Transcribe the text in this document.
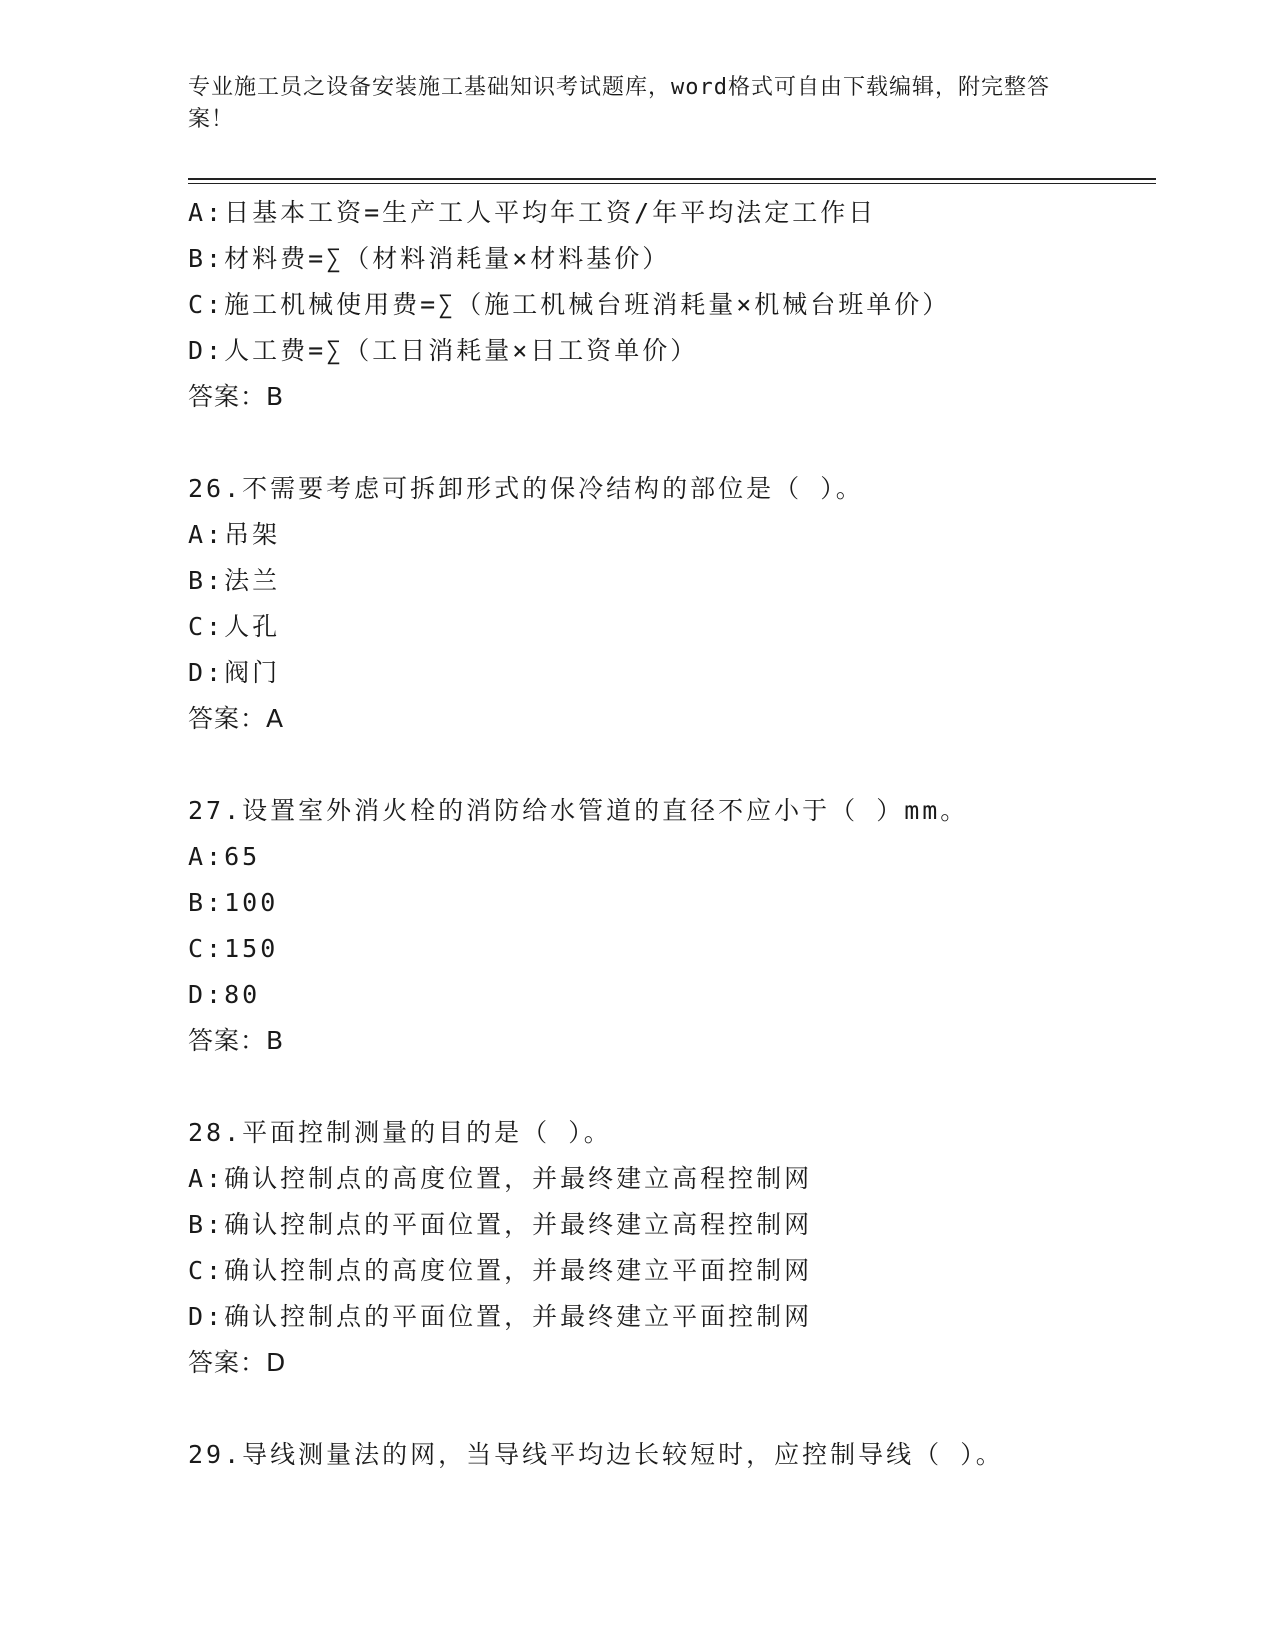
专业施工员之设备安装施工基础知识考试题库，word格式可自由下载编辑，附完整答案！
A:日基本工资=生产工人平均年工资/年平均法定工作日
B:材料费=∑（材料消耗量×材料基价）
C:施工机械使用费=∑（施工机械台班消耗量×机械台班单价）
D:人工费=∑（工日消耗量×日工资单价）
答案：B
26.不需要考虑可拆卸形式的保冷结构的部位是（ ）。
A:吊架
B:法兰
C:人孔
D:阀门
答案：A
27.设置室外消火栓的消防给水管道的直径不应小于（ ）mm。
A:65
B:100
C:150
D:80
答案：B
28.平面控制测量的目的是（ ）。
A:确认控制点的高度位置，并最终建立高程控制网
B:确认控制点的平面位置，并最终建立高程控制网
C:确认控制点的高度位置，并最终建立平面控制网
D:确认控制点的平面位置，并最终建立平面控制网
答案：D
29.导线测量法的网，当导线平均边长较短时，应控制导线（ ）。
